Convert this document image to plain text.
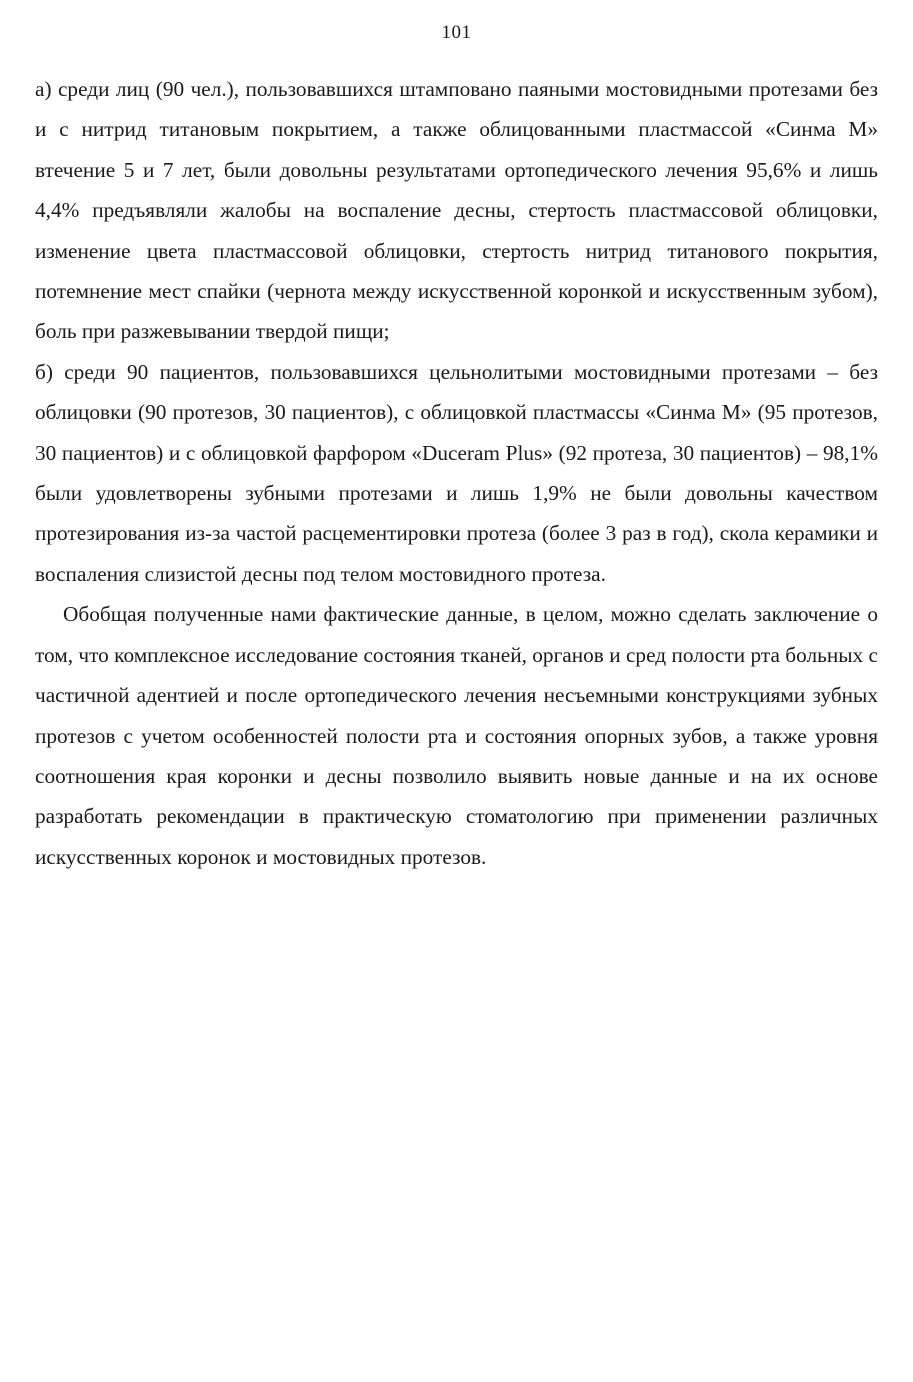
101

а) среди лиц (90 чел.), пользовавшихся штамповано паяными мостовидными протезами без и с нитрид титановым покрытием, а также облицованными пластмассой «Синма М» втечение 5 и 7 лет, были довольны результатами ортопедического лечения 95,6% и лишь 4,4% предъявляли жалобы на воспаление десны, стертость пластмассовой облицовки, изменение цвета пластмассовой облицовки, стертость нитрид титанового покрытия, потемнение мест спайки (чернота между искусственной коронкой и искусственным зубом), боль при разжевывании твердой пищи;

б) среди 90 пациентов, пользовавшихся цельнолитыми мостовидными протезами – без облицовки (90 протезов, 30 пациентов), с облицовкой пластмассы «Синма М» (95 протезов, 30 пациентов) и с облицовкой фарфором «Duceram Plus» (92 протеза, 30 пациентов) – 98,1% были удовлетворены зубными протезами и лишь 1,9% не были довольны качеством протезирования из-за частой расцементировки протеза (более 3 раз в год), скола керамики и воспаления слизистой десны под телом мостовидного протеза.

Обобщая полученные нами фактические данные, в целом, можно сделать заключение о том, что комплексное исследование состояния тканей, органов и сред полости рта больных с частичной адентией и после ортопедического лечения несъемными конструкциями зубных протезов с учетом особенностей полости рта и состояния опорных зубов, а также уровня соотношения края коронки и десны позволило выявить новые данные и на их основе разработать рекомендации в практическую стоматологию при применении различных искусственных коронок и мостовидных протезов.
